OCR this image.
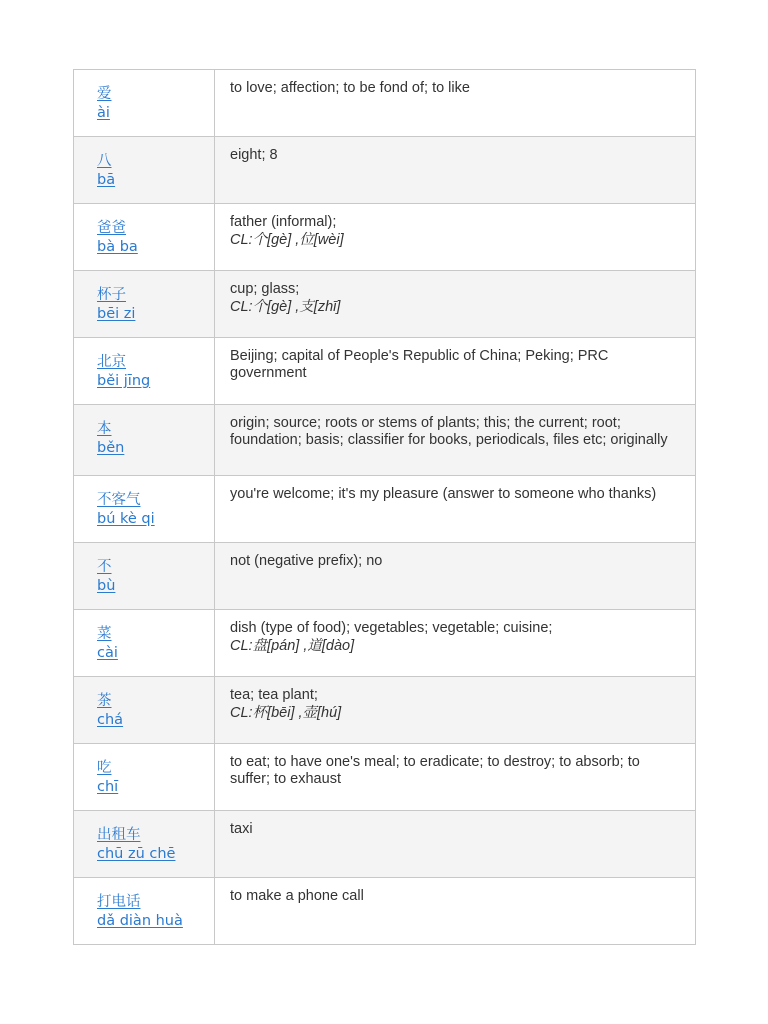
爱
ài	to love; affection; to be fond of; to like

八
bā	eight; 8

爸爸
bà ba	father (informal);
CL:个[gè] ,位[wèi]

杯子
bēi zi	cup; glass;
CL:个[gè] ,支[zhī]

北京
běi jīng	Beijing; capital of People's Republic of China; Peking; PRC government

本
běn	origin; source; roots or stems of plants; this; the current; root; foundation; basis; classifier for books, periodicals, files etc; originally

不客气
bú kè qi	you're welcome; it's my pleasure (answer to someone who thanks)

不
bù	not (negative prefix); no

菜
cài	dish (type of food); vegetables; vegetable; cuisine;
CL:盘[pán] ,道[dào]

茶
chá	tea; tea plant;
CL:杯[bēi] ,壶[hú]

吃
chī	to eat; to have one's meal; to eradicate; to destroy; to absorb; to suffer; to exhaust

出租车
chū zū chē	taxi

打电话
dǎ diàn huà	to make a phone call
